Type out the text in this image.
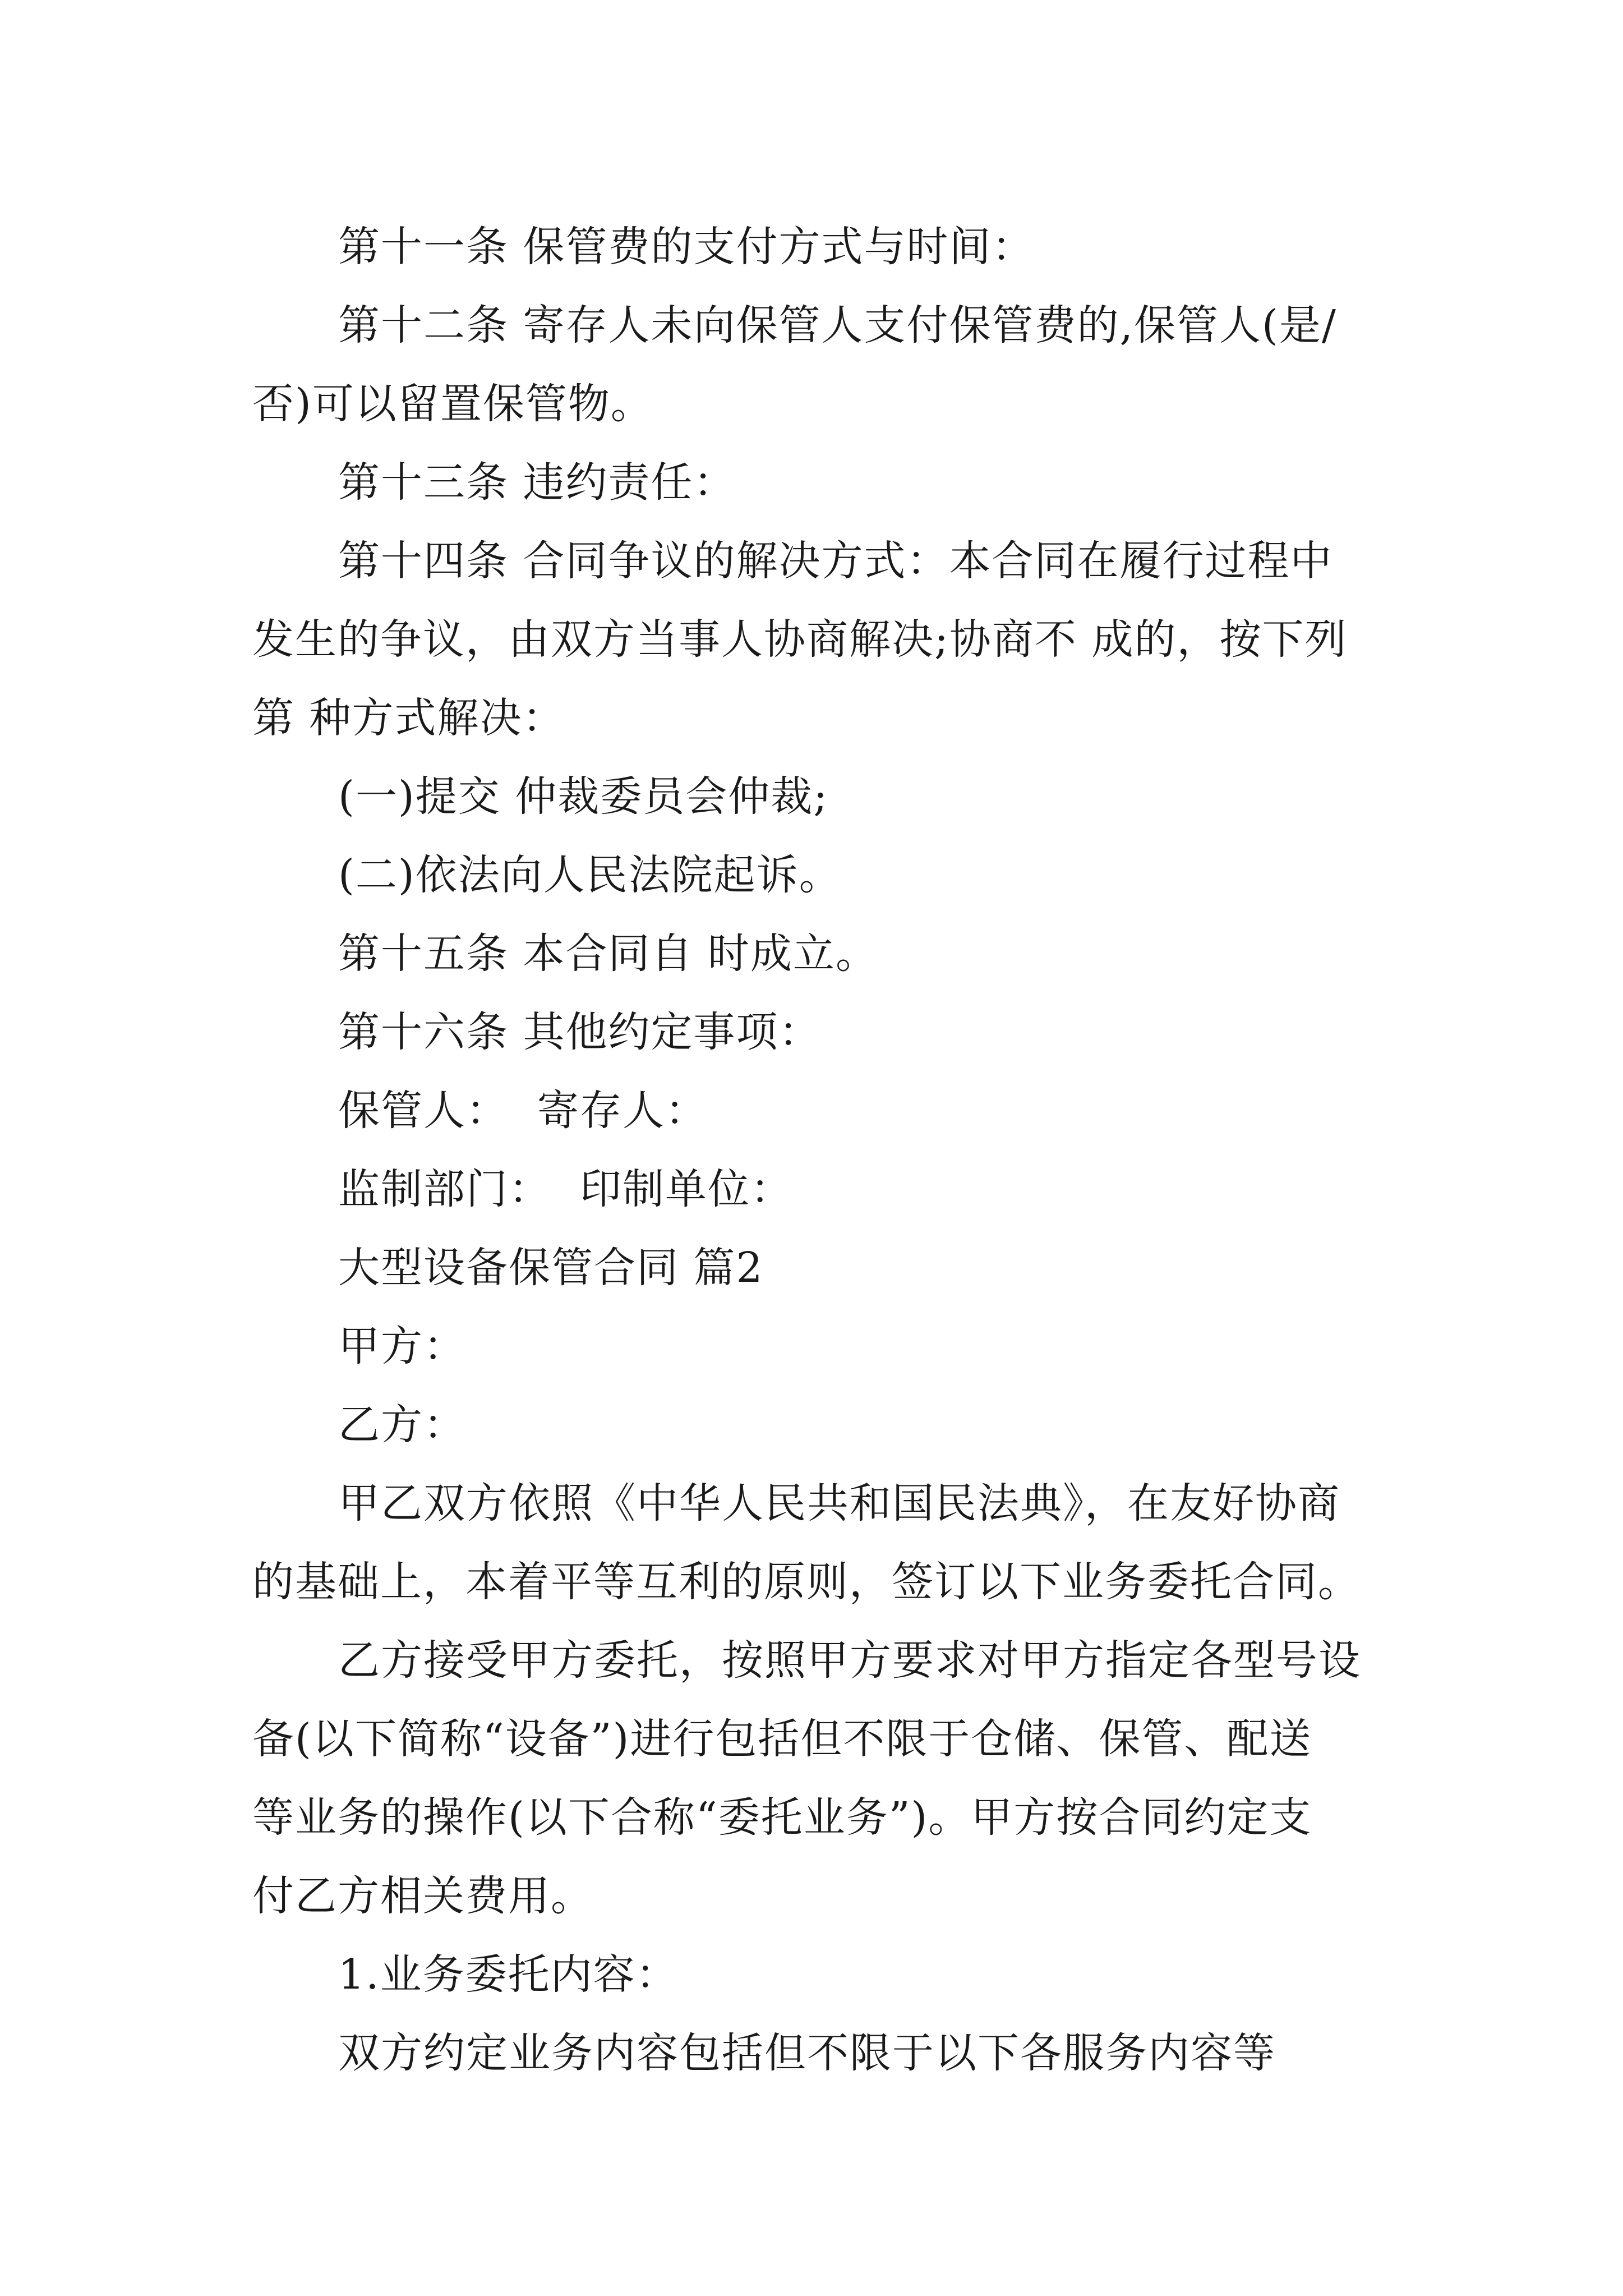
第十一条 保管费的支付方式与时间：
第十二条 寄存人未向保管人支付保管费的,保管人(是/
否)可以留置保管物。
第十三条 违约责任：
第十四条 合同争议的解决方式：本合同在履行过程中
发生的争议，由双方当事人协商解决;协商不 成的，按下列
第 种方式解决：
(一)提交 仲裁委员会仲裁;
(二)依法向人民法院起诉。
第十五条 本合同自 时成立。
第十六条 其他约定事项：
保管人：  寄存人：
监制部门：  印制单位：
大型设备保管合同 篇2
甲方：
乙方：
甲乙双方依照《中华人民共和国民法典》，在友好协商
的基础上，本着平等互利的原则，签订以下业务委托合同。
乙方接受甲方委托，按照甲方要求对甲方指定各型号设
备(以下简称“设备”)进行包括但不限于仓储、保管、配送
等业务的操作(以下合称“委托业务”)。甲方按合同约定支
付乙方相关费用。
1.业务委托内容：
双方约定业务内容包括但不限于以下各服务内容等
